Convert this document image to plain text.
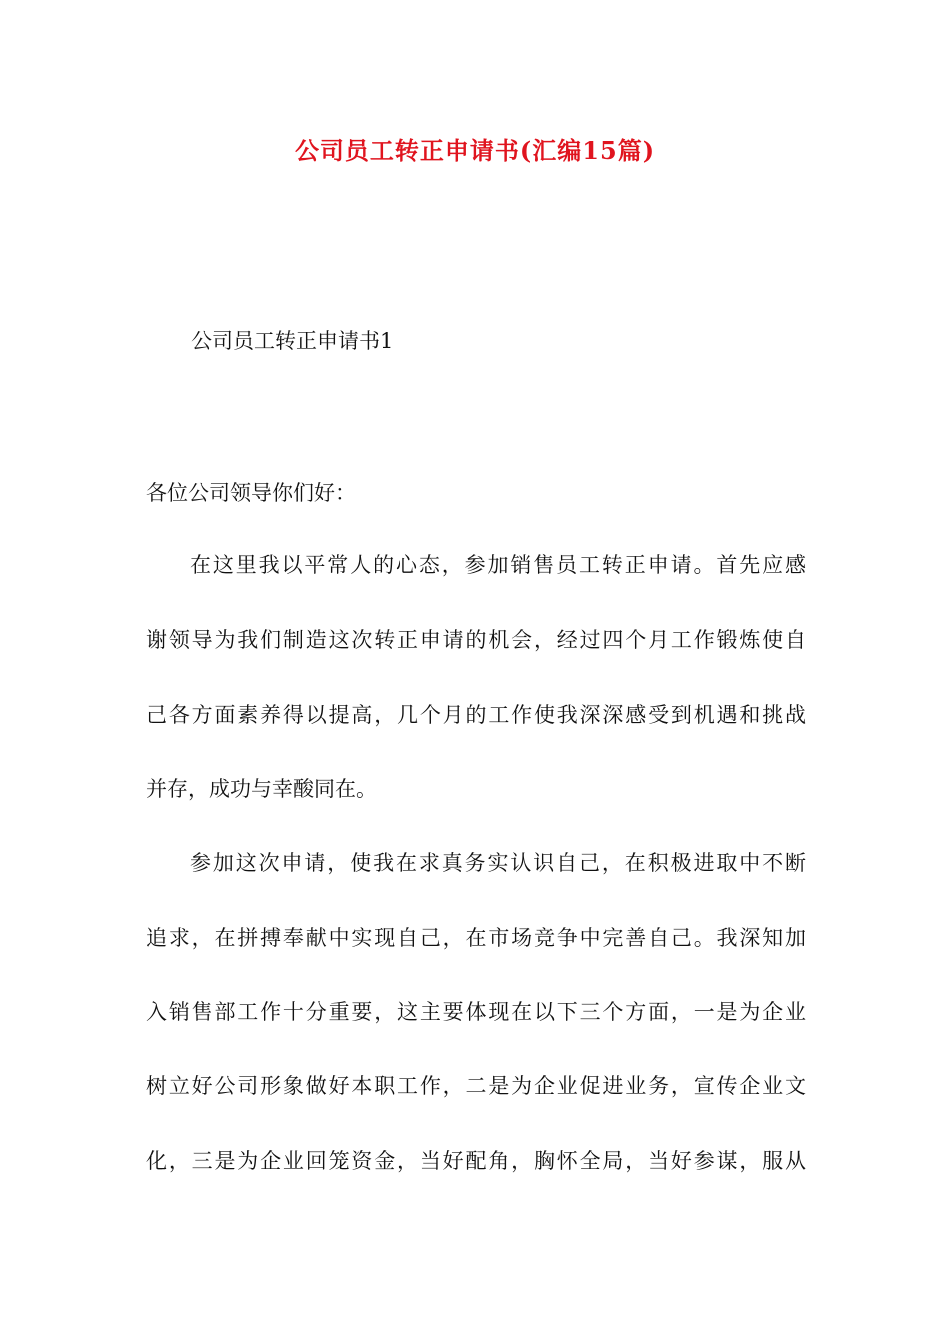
公司员工转正申请书(汇编15篇)
公司员工转正申请书1
各位公司领导你们好：
在这里我以平常人的心态，参加销售员工转正申请。首先应感
谢领导为我们制造这次转正申请的机会，经过四个月工作锻炼使自
己各方面素养得以提高，几个月的工作使我深深感受到机遇和挑战
并存，成功与幸酸同在。
参加这次申请，使我在求真务实认识自己，在积极进取中不断
追求，在拼搏奉献中实现自己，在市场竞争中完善自己。我深知加
入销售部工作十分重要，这主要体现在以下三个方面，一是为企业
树立好公司形象做好本职工作，二是为企业促进业务，宣传企业文
化，三是为企业回笼资金，当好配角，胸怀全局，当好参谋，服从
